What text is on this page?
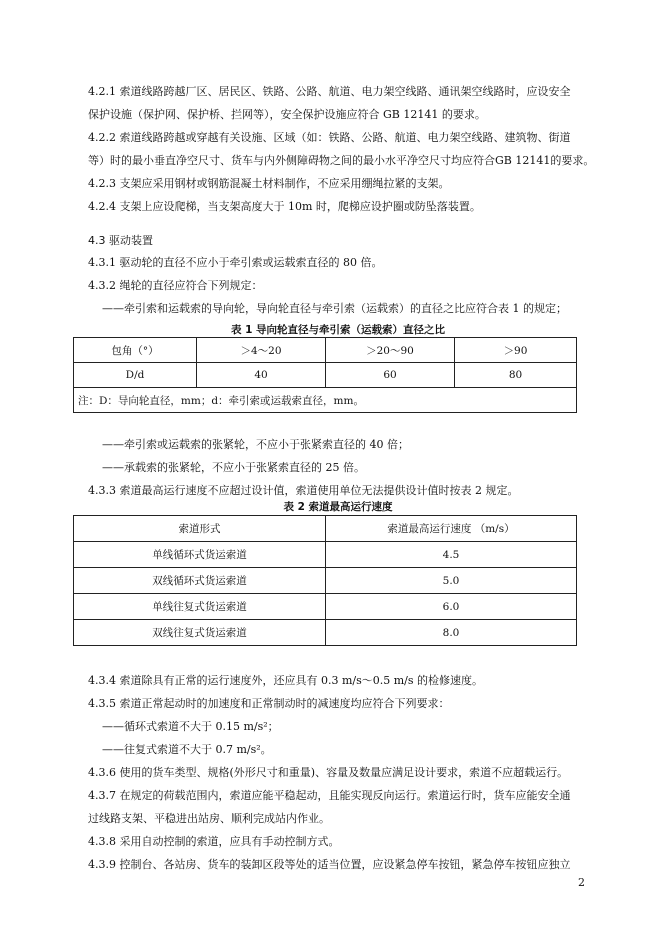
4.2.1 索道线路跨越厂区、居民区、铁路、公路、航道、电力架空线路、通讯架空线路时，应设安全
保护设施（保护网、保护桥、拦网等），安全保护设施应符合 GB 12141 的要求。
4.2.2 索道线路跨越或穿越有关设施、区域（如：铁路、公路、航道、电力架空线路、建筑物、街道
等）时的最小垂直净空尺寸、货车与内外侧障碍物之间的最小水平净空尺寸均应符合GB 12141的要求。
4.2.3 支架应采用钢材或钢筋混凝土材料制作，不应采用绷绳拉紧的支架。
4.2.4 支架上应设爬梯，当支架高度大于 10m 时，爬梯应设护圈或防坠落装置。
4.3 驱动装置
4.3.1 驱动轮的直径不应小于牵引索或运载索直径的 80 倍。
4.3.2 绳轮的直径应符合下列规定：
——牵引索和运载索的导向轮，导向轮直径与牵引索（运载索）的直径之比应符合表 1 的规定；
表 1 导向轮直径与牵引索（运载索）直径之比
包角（°）	＞4～20	＞20～90	＞90
D/d	40	60	80
注：D：导向轮直径，mm；d：牵引索或运载索直径，mm。			
——牵引索或运载索的张紧轮，不应小于张紧索直径的 40 倍；
——承载索的张紧轮，不应小于张紧索直径的 25 倍。
4.3.3 索道最高运行速度不应超过设计值，索道使用单位无法提供设计值时按表 2 规定。
表 2 索道最高运行速度
索道形式	索道最高运行速度 （m/s）
单线循环式货运索道	4.5
双线循环式货运索道	5.0
单线往复式货运索道	6.0
双线往复式货运索道	8.0
4.3.4 索道除具有正常的运行速度外，还应具有 0.3 m/s～0.5 m/s 的检修速度。
4.3.5 索道正常起动时的加速度和正常制动时的减速度均应符合下列要求：
——循环式索道不大于 0.15 m/s²；
——往复式索道不大于 0.7 m/s²。
4.3.6 使用的货车类型、规格(外形尺寸和重量)、容量及数量应满足设计要求，索道不应超载运行。
4.3.7 在规定的荷载范围内，索道应能平稳起动，且能实现反向运行。索道运行时，货车应能安全通
过线路支架、平稳进出站房、顺利完成站内作业。
4.3.8 采用自动控制的索道，应具有手动控制方式。
4.3.9 控制台、各站房、货车的装卸区段等处的适当位置，应设紧急停车按钮，紧急停车按钮应独立
2
